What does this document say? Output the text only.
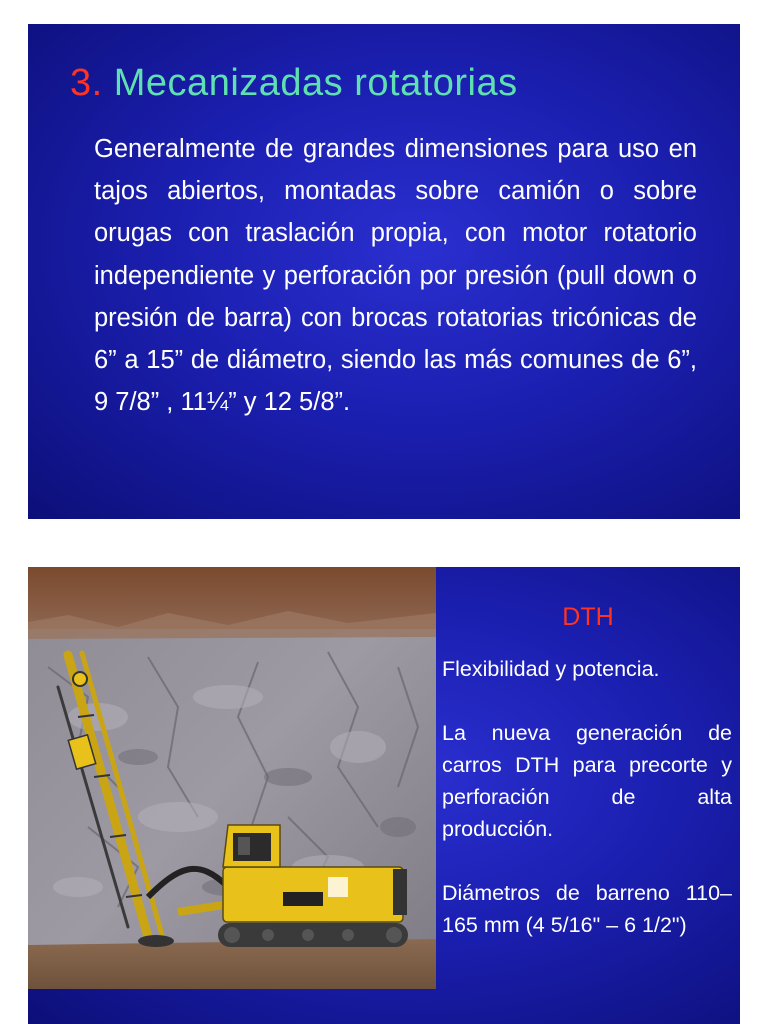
3. Mecanizadas rotatorias

Generalmente de grandes dimensiones para uso en tajos abiertos, montadas sobre camión o sobre orugas con traslación propia, con motor rotatorio independiente y perforación por presión (pull down o presión de barra) con brocas rotatorias tricónicas de 6” a 15” de diámetro, siendo las más comunes de 6”, 9 7/8” , 11¼” y 12 5/8”.

DTH

Flexibilidad y potencia.

La nueva generación de carros DTH para precorte y perforación de alta producción.

Diámetros de barreno 110–165 mm (4 5/16" – 6 1/2")
